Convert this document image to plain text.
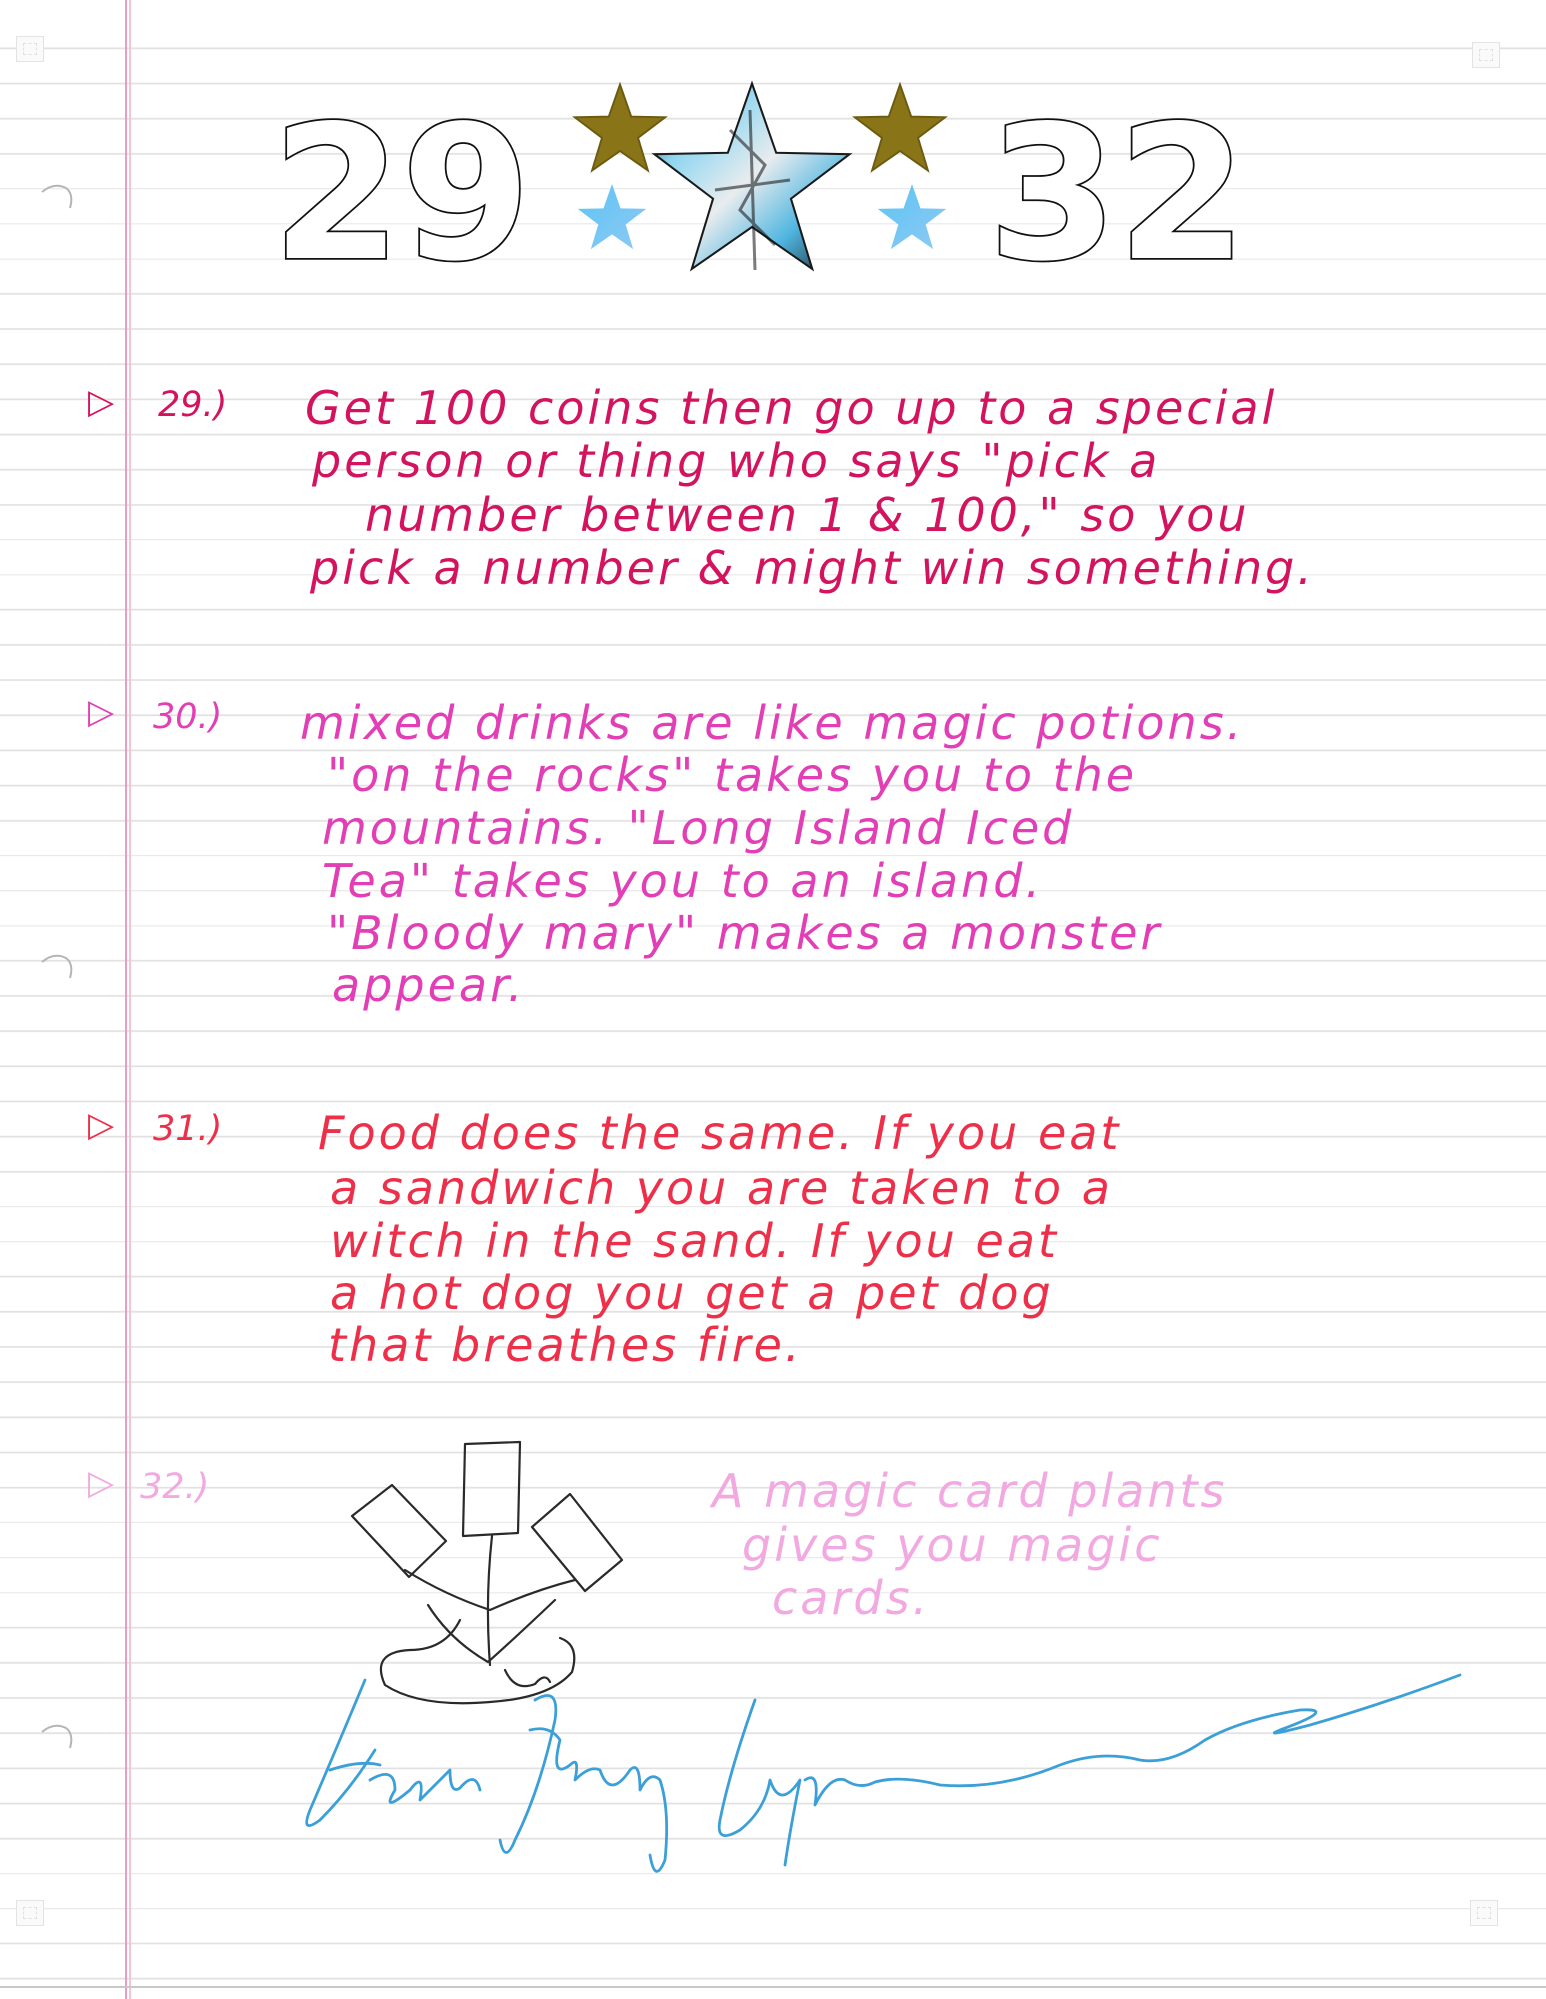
29 32
▷ 29.) Get 100 coins then go up to a special
person or thing who says "pick a
number between 1 & 100," so you
pick a number & might win something.
▷ 30.) mixed drinks are like magic potions.
"on the rocks" takes you to the
mountains. "Long Island Iced
Tea" takes you to an island.
"Bloody mary" makes a monster
appear.
▷ 31.) Food does the same. If you eat
a sandwich you are taken to a
witch in the sand. If you eat
a hot dog you get a pet dog
that breathes fire.
▷ 32.)	A magic card plants
gives you magic
cards.
